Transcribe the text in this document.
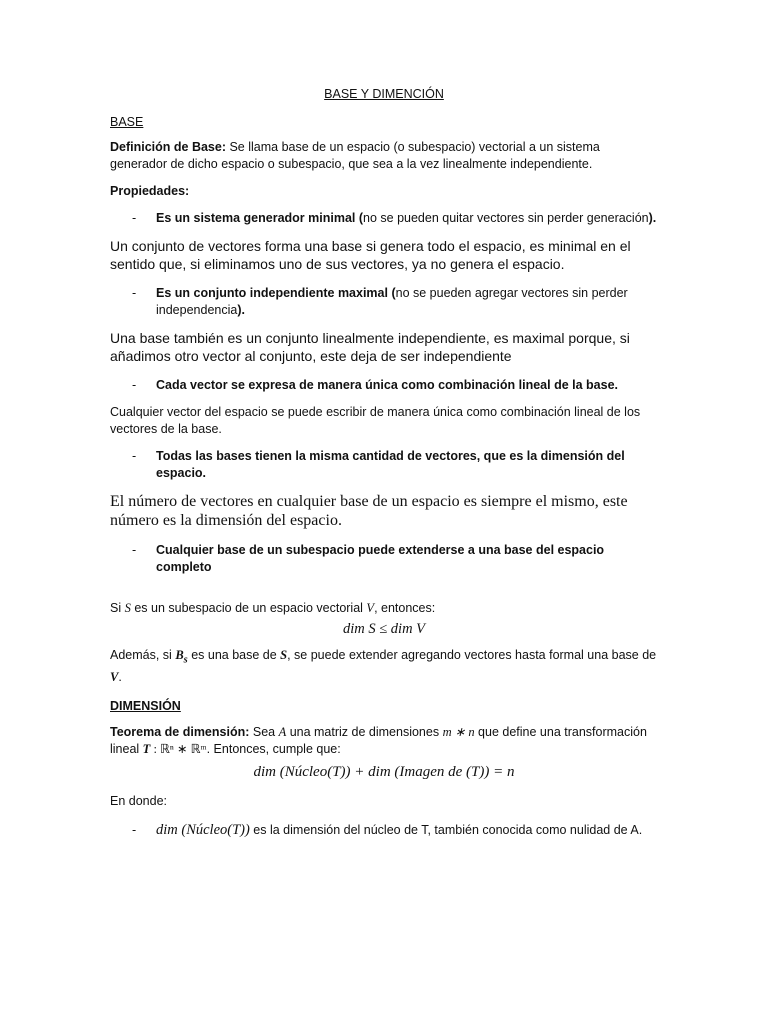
BASE Y DIMENCIÓN
BASE

Definición de Base: Se llama base de un espacio (o subespacio) vectorial a un sistema generador de dicho espacio o subespacio, que sea a la vez linealmente independiente.

Propiedades:

-	Es un sistema generador minimal (no se pueden quitar vectores sin perder generación).

Un conjunto de vectores forma una base si genera todo el espacio, es minimal en el sentido que, si eliminamos uno de sus vectores, ya no genera el espacio.

-	Es un conjunto independiente maximal (no se pueden agregar vectores sin perder independencia).

Una base también es un conjunto linealmente independiente, es maximal porque, si añadimos otro vector al conjunto, este deja de ser independiente

-	Cada vector se expresa de manera única como combinación lineal de la base.

Cualquier vector del espacio se puede escribir de manera única como combinación lineal de los vectores de la base.

-	Todas las bases tienen la misma cantidad de vectores, que es la dimensión del espacio.

El número de vectores en cualquier base de un espacio es siempre el mismo, este número es la dimensión del espacio.

-	Cualquier base de un subespacio puede extenderse a una base del espacio completo

Si S es un subespacio de un espacio vectorial V, entonces:

dim S ≤ dim V

Además, si $B_s$ es una base de S, se puede extender agregando vectores hasta formal una base de V.

DIMENSIÓN

Teorema de dimensión: Sea A una matriz de dimensiones m ∗ n que define una transformación lineal T : ℝⁿ ∗ ℝᵐ. Entonces, cumple que:

dim (Núcleo(T)) + dim (Imagen de (T)) = n

En donde:

-	dim (Núcleo(T)) es la dimensión del núcleo de T, también conocida como nulidad de A.
